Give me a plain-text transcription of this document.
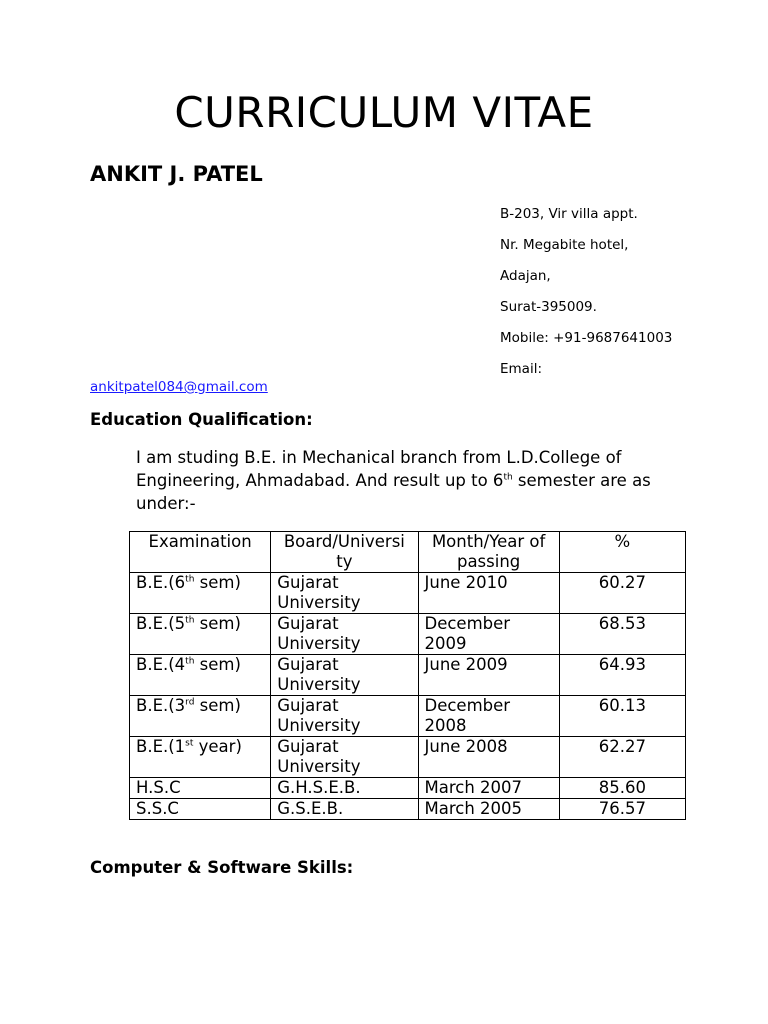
CURRICULUM VITAE
ANKIT J. PATEL
B-203, Vir villa appt.
Nr. Megabite hotel,
Adajan,
Surat-395009.
Mobile: +91-9687641003
Email:
ankitpatel084@gmail.com
Education Qualification:

I am studing B.E. in Mechanical branch from L.D.College of Engineering, Ahmadabad. And result up to 6th semester are as under:-

Examination	Board/Universi ty	Month/Year of passing	%
B.E.(6th sem)	Gujarat University	June 2010	60.27
B.E.(5th sem)	Gujarat University	December 2009	68.53
B.E.(4th sem)	Gujarat University	June 2009	64.93
B.E.(3rd sem)	Gujarat University	December 2008	60.13
B.E.(1st year)	Gujarat University	June 2008	62.27
H.S.C	G.H.S.E.B.	March 2007	85.60
S.S.C	G.S.E.B.	March 2005	76.57
Computer & Software Skills:
